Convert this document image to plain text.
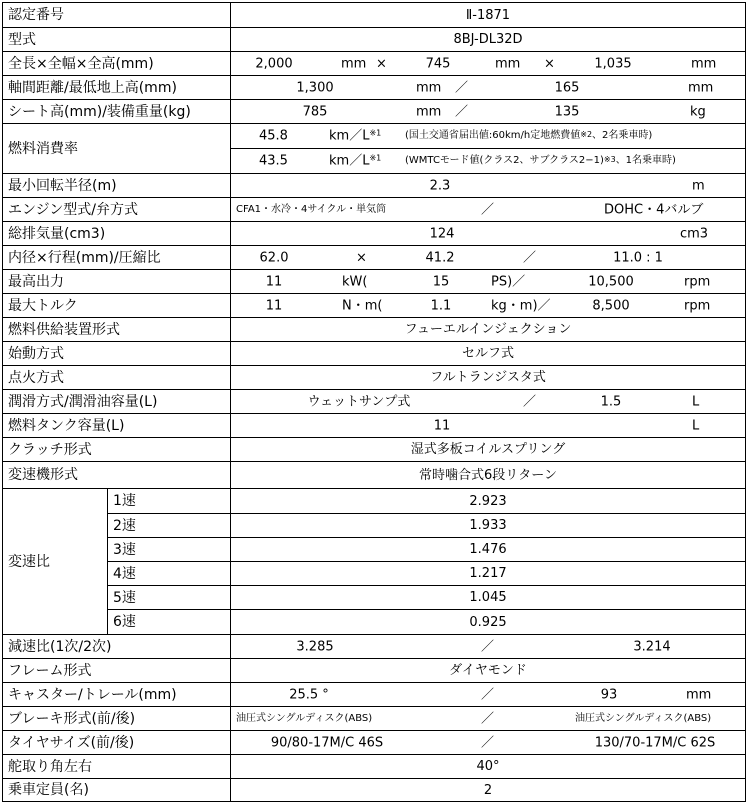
認定番号	Ⅱ-1871
型式	8BJ-DL32D
全長×全幅×全高(mm)	2,000	mm ×	745	mm ×	1,035	mm
軸間距離/最低地上高(mm)	1,300	mm ／	165	mm
シート高(mm)/装備重量(kg)	785	mm ／	135	kg
燃料消費率
45.8	$km/L^{※1}$ (国土交通省届出値:60km/h定地燃費値$^{※2}$、2名乗車時)
43.5	$km/L^{※1}$ (WMTCモード値(クラス2、サブクラス2−1)$^{※3}$、1名乗車時)
最小回転半径(m)	2.3	m
エンジン型式/弁方式	CFA1・水冷・4サイクル・単気筒	／	DOHC・4バルブ
総排気量(cm3)	124	cm3
内径×行程(mm)/圧縮比	62.0	×	41.2	／	11.0 : 1
最高出力	11	kW(	15	PS)／	10,500	rpm
最大トルク	11	N・m(	1.1	kg・m)／	8,500	rpm
燃料供給装置形式	フューエルインジェクション
始動方式	セルフ式
点火方式	フルトランジスタ式
潤滑方式/潤滑油容量(L)	ウェットサンプ式	／	1.5	L
燃料タンク容量(L)	11	L
クラッチ形式	湿式多板コイルスプリング
変速機形式	常時噛合式6段リターン
変速比
1速	2.923
2速	1.933
3速	1.476
4速	1.217
5速	1.045
6速	0.925
減速比(1次/2次)	3.285	／	3.214
フレーム形式	ダイヤモンド
キャスター/トレール(mm)	25.5 °	／	93	mm
ブレーキ形式(前/後)	油圧式シングルディスク(ABS)	／	油圧式シングルディスク(ABS)
タイヤサイズ(前/後)	90/80-17M/C 46S	／	130/70-17M/C 62S
舵取り角左右	40°
乗車定員(名)	2
